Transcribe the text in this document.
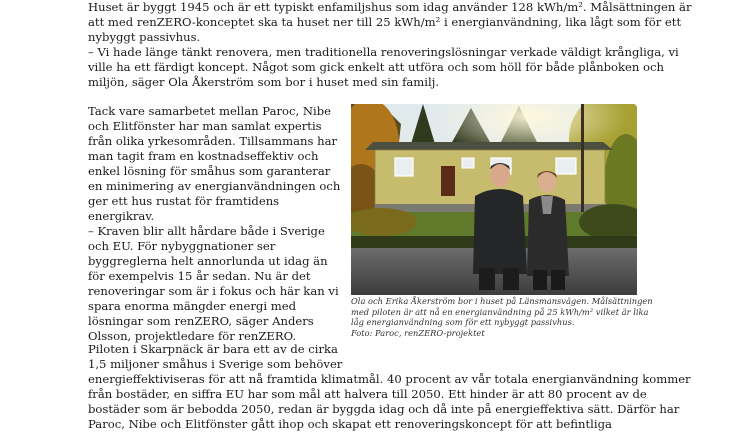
Huset är byggt 1945 och är ett typiskt enfamiljshus som idag använder 128 kWh/m². Målsättningen är
att med renZERO-konceptet ska ta huset ner till 25 kWh/m² i energianvändning, lika lågt som för ett
nybyggt passivhus.
– Vi hade länge tänkt renovera, men traditionella renoveringslösningar verkade väldigt krångliga, vi
ville ha ett färdigt koncept. Något som gick enkelt att utföra och som höll för både plånboken och
miljön, säger Ola Åkerström som bor i huset med sin familj.
Tack vare samarbetet mellan Paroc, Nibe
och Elitfönster har man samlat expertis
från olika yrkesområden. Tillsammans har
man tagit fram en kostnadseffektiv och
enkel lösning för småhus som garanterar
en minimering av energianvändningen och
ger ett hus rustat för framtidens
energikrav.
– Kraven blir allt hårdare både i Sverige
och EU. För nybyggnationer ser
byggreglerna helt annorlunda ut idag än
för exempelvis 15 år sedan. Nu är det
renoveringar som är i fokus och här kan vi
spara enorma mängder energi med
lösningar som renZERO, säger Anders
Olsson, projektledare för renZERO.
Ola och Erika Åkerström bor i huset på Länsmansvägen. Målsättningen
med piloten är att nå en energianvändning på 25 kWh/m² vilket är lika
låg energianvändning som för ett nybyggt passivhus.
Foto: Paroc, renZERO-projektet
Piloten i Skarpnäck är bara ett av de cirka
1,5 miljoner småhus i Sverige som behöver
energieffektiviseras för att nå framtida klimatmål. 40 procent av vår totala energianvändning kommer
från bostäder, en siffra EU har som mål att halvera till 2050. Ett hinder är att 80 procent av de
bostäder som är bebodda 2050, redan är byggda idag och då inte på energieffektiva sätt. Därför har
Paroc, Nibe och Elitfönster gått ihop och skapat ett renoveringskoncept för att befintliga
